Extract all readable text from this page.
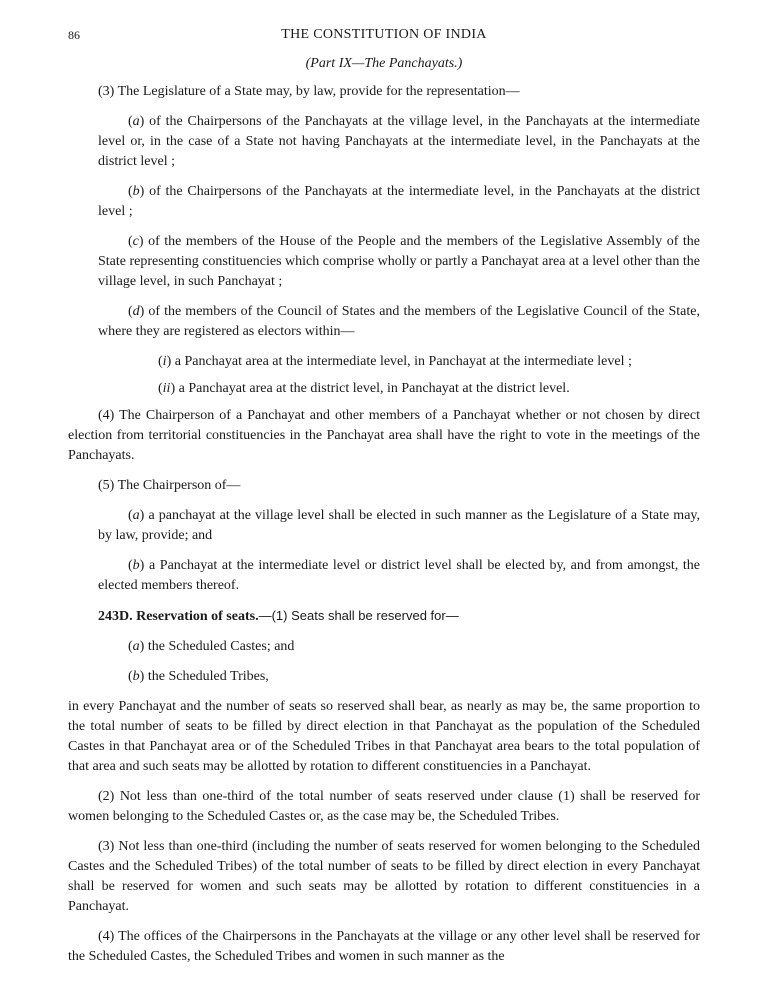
86	THE CONSTITUTION OF INDIA
(Part IX—The Panchayats.)

(3) The Legislature of a State may, by law, provide for the representation—

(a) of the Chairpersons of the Panchayats at the village level, in the Panchayats at the intermediate level or, in the case of a State not having Panchayats at the intermediate level, in the Panchayats at the district level ;

(b) of the Chairpersons of the Panchayats at the intermediate level, in the Panchayats at the district level ;

(c) of the members of the House of the People and the members of the Legislative Assembly of the State representing constituencies which comprise wholly or partly a Panchayat area at a level other than the village level, in such Panchayat ;

(d) of the members of the Council of States and the members of the Legislative Council of the State, where they are registered as electors within—

(i) a Panchayat area at the intermediate level, in Panchayat at the intermediate level ;

(ii) a Panchayat area at the district level, in Panchayat at the district level.

(4) The Chairperson of a Panchayat and other members of a Panchayat whether or not chosen by direct election from territorial constituencies in the Panchayat area shall have the right to vote in the meetings of the Panchayats.

(5) The Chairperson of—

(a) a panchayat at the village level shall be elected in such manner as the Legislature of a State may, by law, provide; and

(b) a Panchayat at the intermediate level or district level shall be elected by, and from amongst, the elected members thereof.

243D. Reservation of seats.—(1) Seats shall be reserved for—

(a) the Scheduled Castes; and

(b) the Scheduled Tribes,

in every Panchayat and the number of seats so reserved shall bear, as nearly as may be, the same proportion to the total number of seats to be filled by direct election in that Panchayat as the population of the Scheduled Castes in that Panchayat area or of the Scheduled Tribes in that Panchayat area bears to the total population of that area and such seats may be allotted by rotation to different constituencies in a Panchayat.

(2) Not less than one-third of the total number of seats reserved under clause (1) shall be reserved for women belonging to the Scheduled Castes or, as the case may be, the Scheduled Tribes.

(3) Not less than one-third (including the number of seats reserved for women belonging to the Scheduled Castes and the Scheduled Tribes) of the total number of seats to be filled by direct election in every Panchayat shall be reserved for women and such seats may be allotted by rotation to different constituencies in a Panchayat.

(4) The offices of the Chairpersons in the Panchayats at the village or any other level shall be reserved for the Scheduled Castes, the Scheduled Tribes and women in such manner as the
